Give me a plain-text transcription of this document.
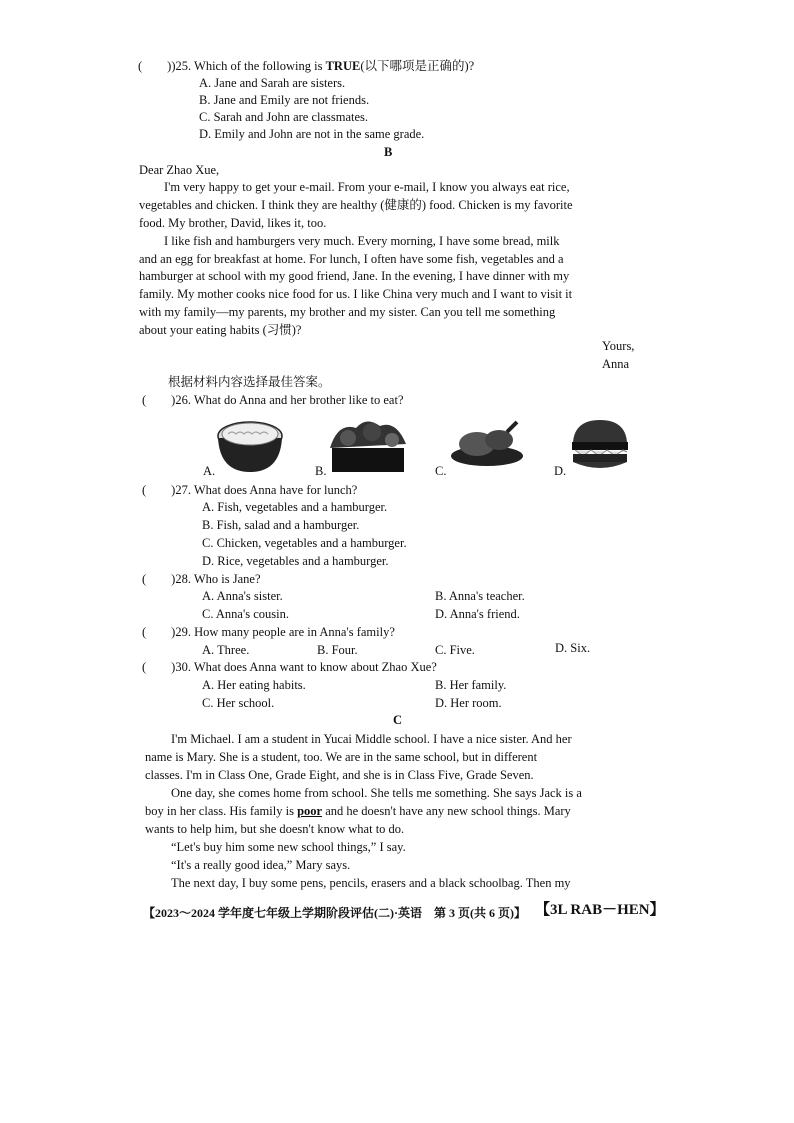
(　　))25. Which of the following is TRUE(以下哪项是正确的)?
A. Jane and Sarah are sisters.
B. Jane and Emily are not friends.
C. Sarah and John are classmates.
D. Emily and John are not in the same grade.
B
Dear Zhao Xue,
I'm very happy to get your e-mail. From your e-mail, I know you always eat rice,
vegetables and chicken. I think they are healthy (健康的) food. Chicken is my favorite
food. My brother, David, likes it, too.
I like fish and hamburgers very much. Every morning, I have some bread, milk
and an egg for breakfast at home. For lunch, I often have some fish, vegetables and a
hamburger at school with my good friend, Jane. In the evening, I have dinner with my
family. My mother cooks nice food for us. I like China very much and I want to visit it
with my family—my parents, my brother and my sister. Can you tell me something
about your eating habits (习惯)?
Yours,
Anna
根据材料内容选择最佳答案。
(　　)26. What do Anna and her brother like to eat?
A.	B.	C.	D.
(　　)27. What does Anna have for lunch?
A. Fish, vegetables and a hamburger.
B. Fish, salad and a hamburger.
C. Chicken, vegetables and a hamburger.
D. Rice, vegetables and a hamburger.
(　　)28. Who is Jane?
A. Anna's sister.	B. Anna's teacher.
C. Anna's cousin.	D. Anna's friend.
(　　)29. How many people are in Anna's family?
A. Three.	B. Four.	C. Five.	D. Six.
(　　)30. What does Anna want to know about Zhao Xue?
A. Her eating habits.	B. Her family.
C. Her school.	D. Her room.
C
I'm Michael. I am a student in Yucai Middle school. I have a nice sister. And her
name is Mary. She is a student, too. We are in the same school, but in different
classes. I'm in Class One, Grade Eight, and she is in Class Five, Grade Seven.
One day, she comes home from school. She tells me something. She says Jack is a
boy in her class. His family is poor and he doesn't have any new school things. Mary
wants to help him, but she doesn't know what to do.
“Let's buy him some new school things,” I say.
“It's a really good idea,” Mary says.
The next day, I buy some pens, pencils, erasers and a black schoolbag. Then my
【2023～2024 学年度七年级上学期阶段评估(二)·英语　第 3 页(共 6 页)】 【3L RAB－HEN】
